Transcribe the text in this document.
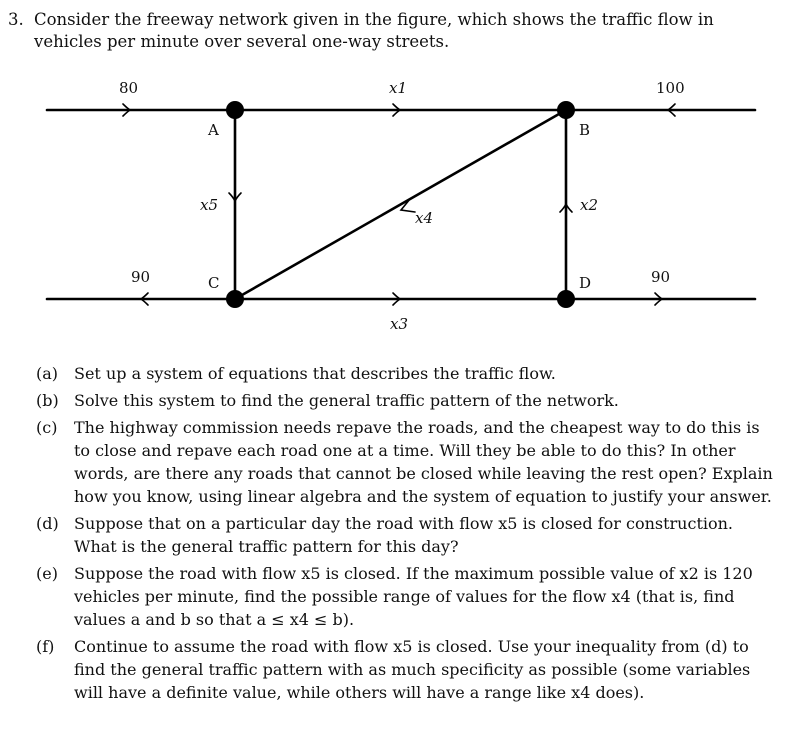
3. Consider the freeway network given in the figure, which shows the traffic flow in vehicles per minute over several one-way streets.
A	B
C	D
80	100
90	90
x1
x2
x3
x4
x5
(a) Set up a system of equations that describes the traffic flow.
(b) Solve this system to find the general traffic pattern of the network.
(c) The highway commission needs repave the roads, and the cheapest way to do this is to close and repave each road one at a time. Will they be able to do this? In other words, are there any roads that cannot be closed while leaving the rest open? Explain how you know, using linear algebra and the system of equation to justify your answer.
(d) Suppose that on a particular day the road with flow x5 is closed for construction. What is the general traffic pattern for this day?
(e) Suppose the road with flow x5 is closed. If the maximum possible value of x2 is 120 vehicles per minute, find the possible range of values for the flow x4 (that is, find values a and b so that a ≤ x4 ≤ b).
(f) Continue to assume the road with flow x5 is closed. Use your inequality from (d) to find the general traffic pattern with as much specificity as possible (some variables will have a definite value, while others will have a range like x4 does).
